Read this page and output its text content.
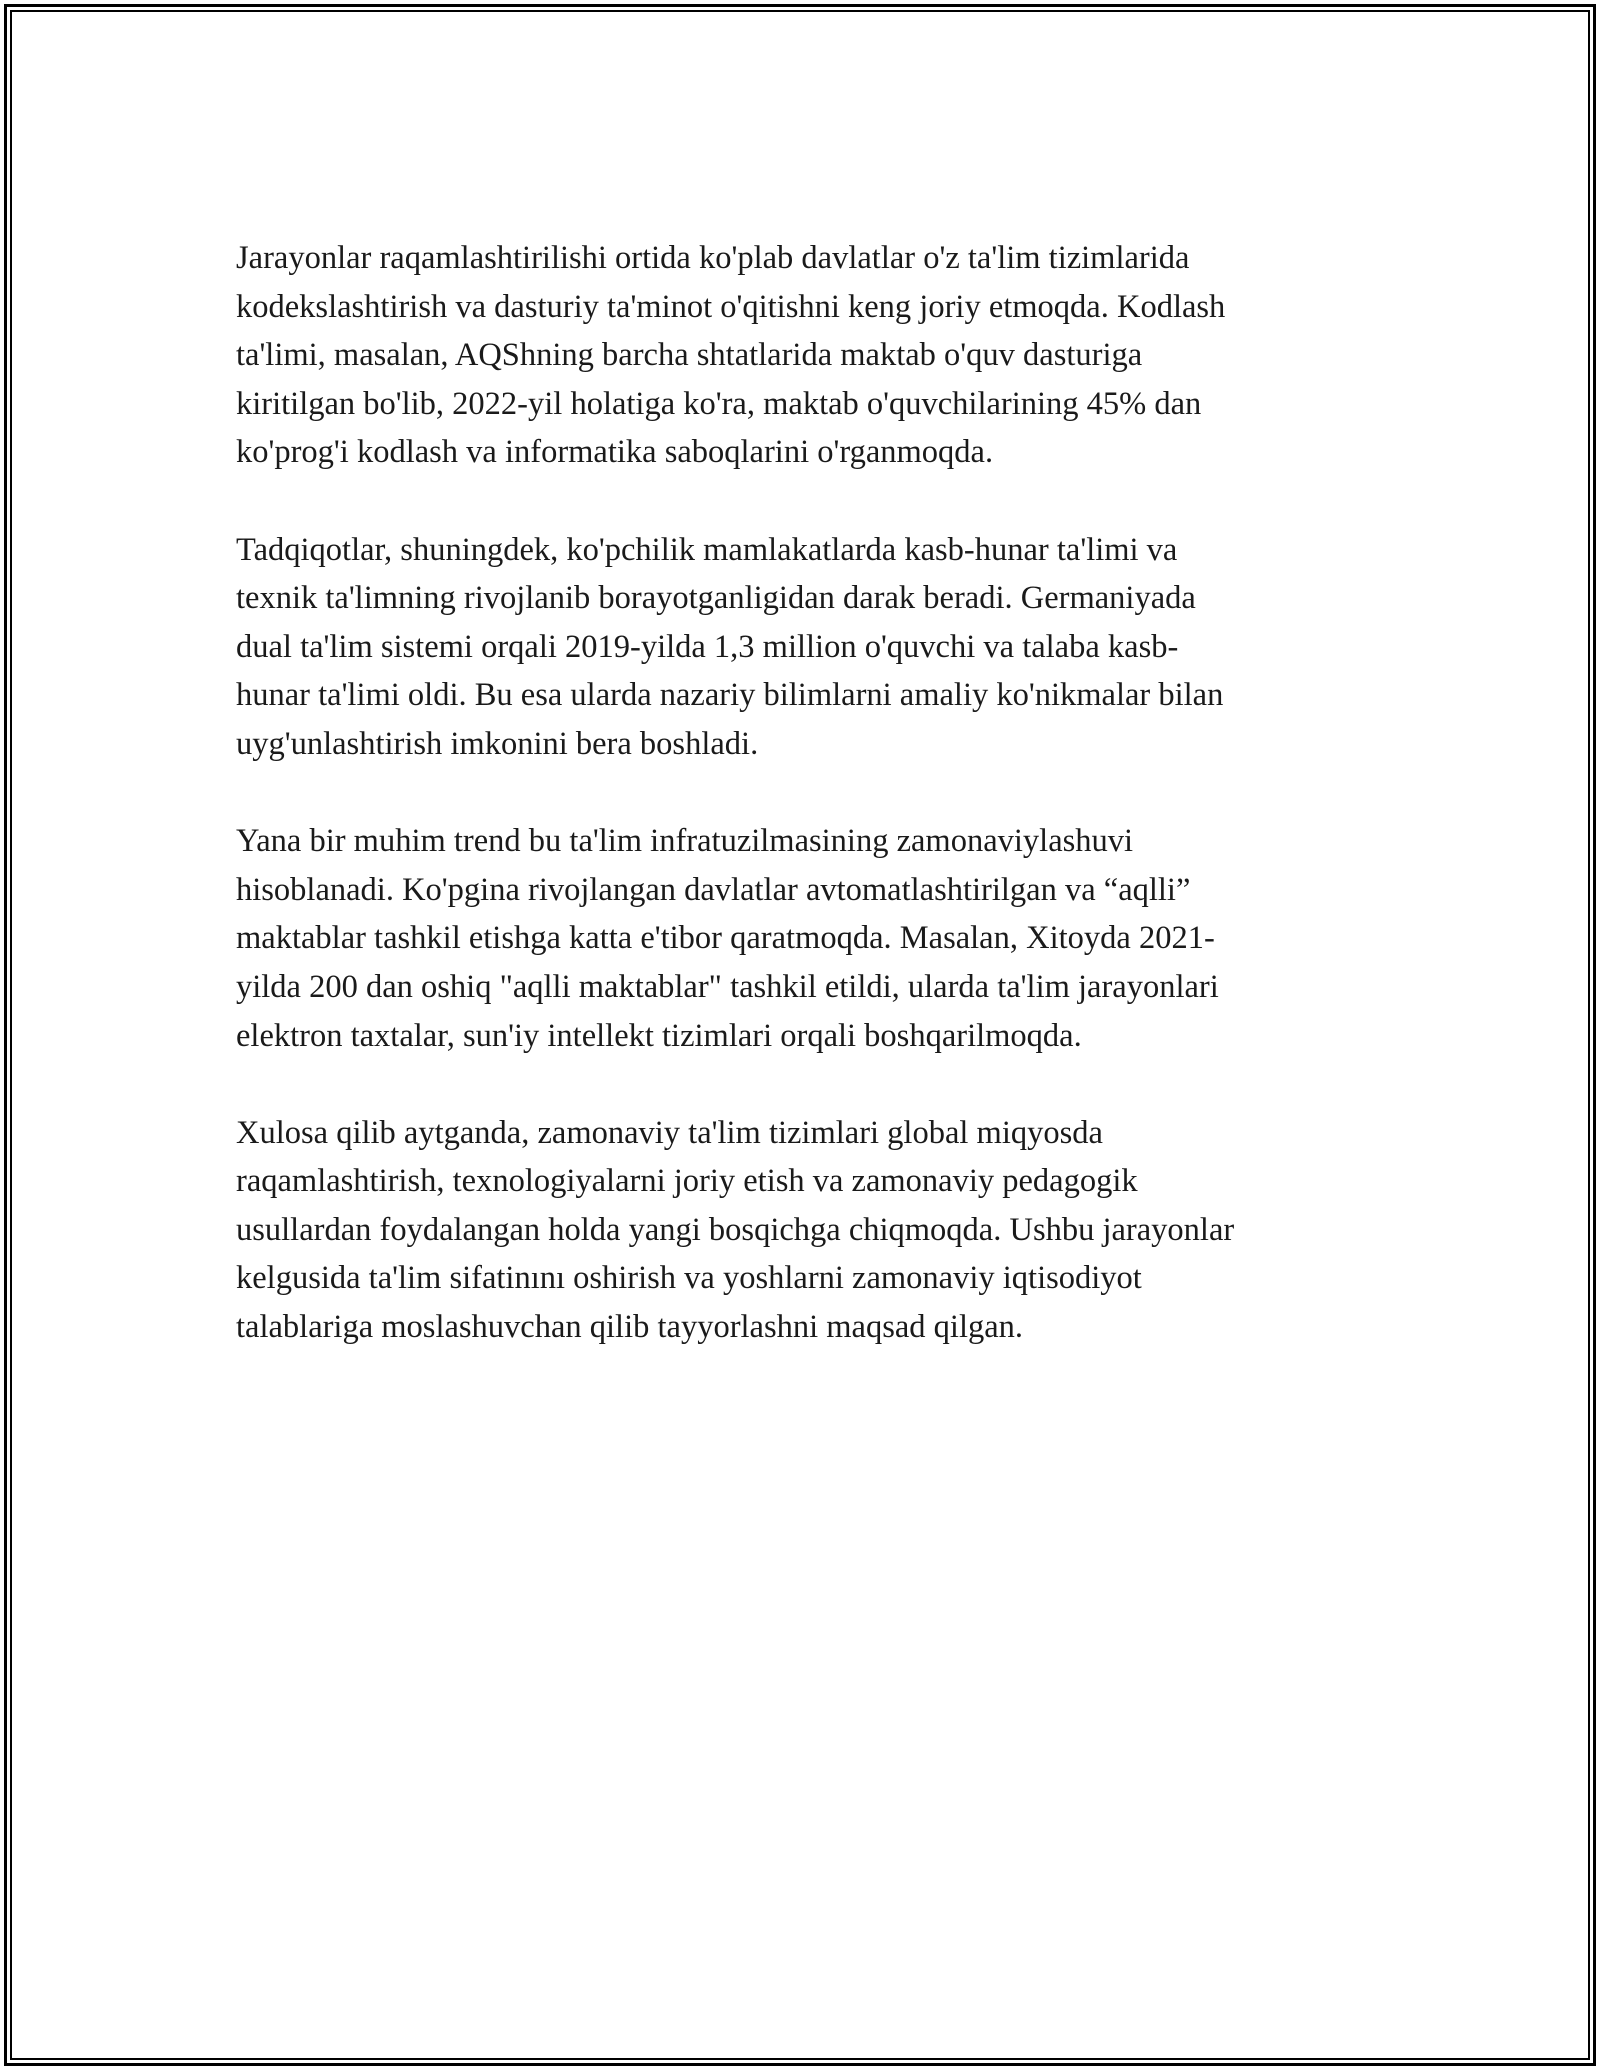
Jarayonlar raqamlashtirilishi ortida ko'plab davlatlar o'z ta'lim tizimlarida
kodekslashtirish va dasturiy ta'minot o'qitishni keng joriy etmoqda. Kodlash
ta'limi, masalan, AQShning barcha shtatlarida maktab o'quv dasturiga
kiritilgan bo'lib, 2022-yil holatiga ko'ra, maktab o'quvchilarining 45% dan
ko'prog'i kodlash va informatika saboqlarini o'rganmoqda.

Tadqiqotlar, shuningdek, ko'pchilik mamlakatlarda kasb-hunar ta'limi va
texnik ta'limning rivojlanib borayotganligidan darak beradi. Germaniyada
dual ta'lim sistemi orqali 2019-yilda 1,3 million o'quvchi va talaba kasb-
hunar ta'limi oldi. Bu esa ularda nazariy bilimlarni amaliy ko'nikmalar bilan
uyg'unlashtirish imkonini bera boshladi.

Yana bir muhim trend bu ta'lim infratuzilmasining zamonaviylashuvi
hisoblanadi. Ko'pgina rivojlangan davlatlar avtomatlashtirilgan va “aqlli”
maktablar tashkil etishga katta e'tibor qaratmoqda. Masalan, Xitoyda 2021-
yilda 200 dan oshiq "aqlli maktablar" tashkil etildi, ularda ta'lim jarayonlari
elektron taxtalar, sun'iy intellekt tizimlari orqali boshqarilmoqda.

Xulosa qilib aytganda, zamonaviy ta'lim tizimlari global miqyosda
raqamlashtirish, texnologiyalarni joriy etish va zamonaviy pedagogik
usullardan foydalangan holda yangi bosqichga chiqmoqda. Ushbu jarayonlar
kelgusida ta'lim sifatinını oshirish va yoshlarni zamonaviy iqtisodiyot
talablariga moslashuvchan qilib tayyorlashni maqsad qilgan.
